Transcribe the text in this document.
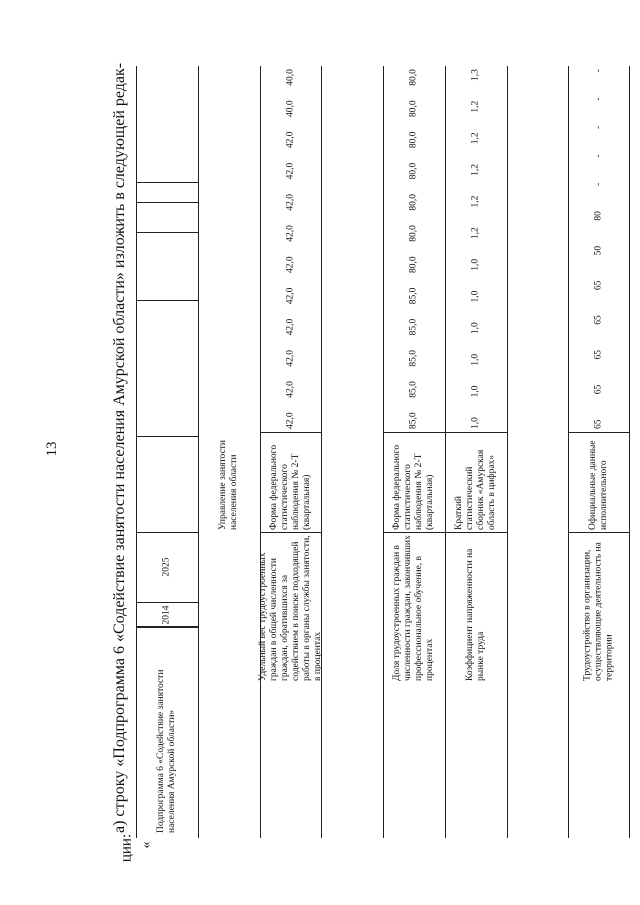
13	а) строку «Подпрограмма 6 «Содействие занятости населения Амурской области» изложить в следующей редак-
ции: «
2025
2014
Подпрограмма 6 «Содействие занятости населения Амурской области»
Управление занятости населения области
42,0
42,0
42,0
42,0
42,0
42,0
42,0
42,0
42,0
42,0
40,0
40,0
Форма федерального статистического наблюдения № 2-Т (квартальная)
Удельный вес трудоустроенных граждан в общей численности граждан, обратившихся за содействием в поиске подходящей работы в органы службы занятости, в процентах
85,0
85,0
85,0
85,0
85,0
80,0
80,0
80,0
80,0
80,0
80,0
80,0
Форма федерального статистического наблюдения № 2-Т (квартальная)
Доля трудоустроенных граждан в численности граждан, закончивших профессиональное обучение, в процентах
1,0
1,0
1,0
1,0
1,0
1,0
1,2
1,2
1,2
1,2
1,2
1,3
Краткий статистический сборник «Амурская область в цифрах»
Коэффициент напряженности на рынке труда
65
65
65
65
65
50
80
-
-
-
-
-
Официальные данные исполнительного
Трудоустройство в организации, осуществляющие деятельность на территории
